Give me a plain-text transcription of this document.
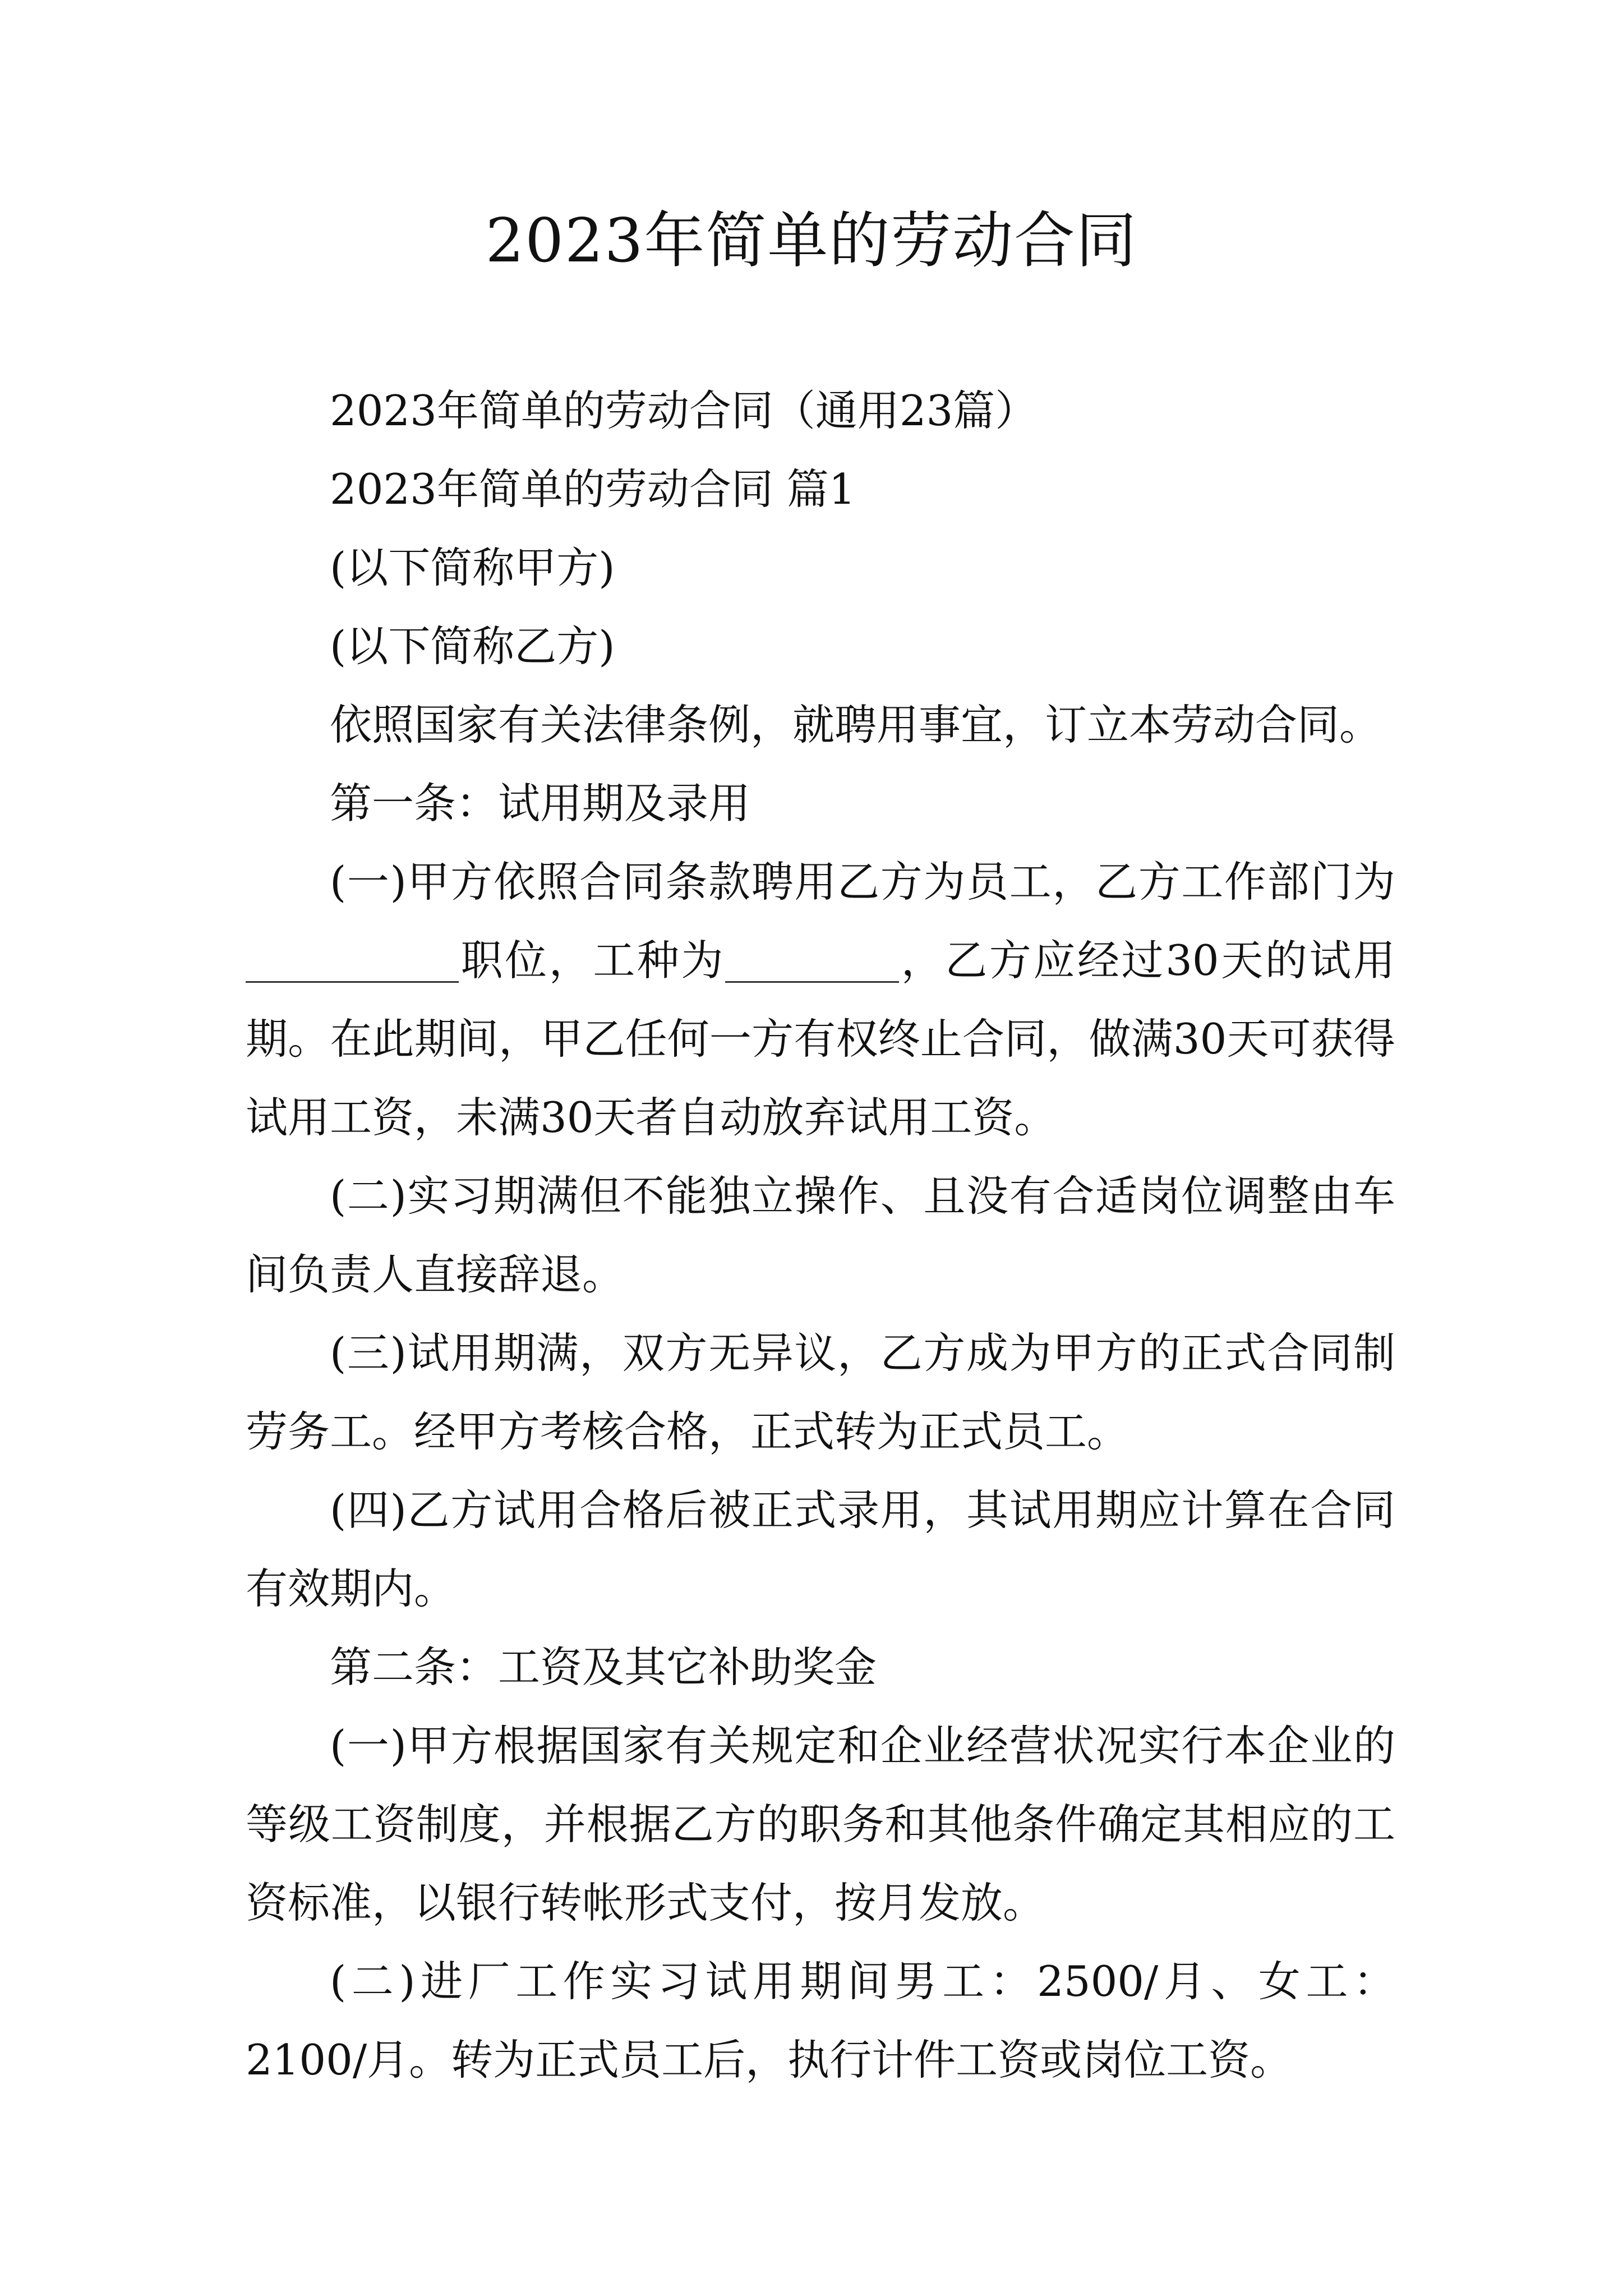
2023年简单的劳动合同

2023年简单的劳动合同（通用23篇）

2023年简单的劳动合同 篇1

(以下简称甲方)

(以下简称乙方)

依照国家有关法律条例，就聘用事宜，订立本劳动合同。

第一条：试用期及录用

(一)甲方依照合同条款聘用乙方为员工，乙方工作部门为职位，工种为	，乙方应经过30天的试用期。在此期间，甲乙任何一方有权终止合同，做满30天可获得试用工资，未满30天者自动放弃试用工资。

(二)实习期满但不能独立操作、且没有合适岗位调整由车间负责人直接辞退。

(三)试用期满，双方无异议，乙方成为甲方的正式合同制劳务工。经甲方考核合格，正式转为正式员工。

(四)乙方试用合格后被正式录用，其试用期应计算在合同有效期内。

第二条：工资及其它补助奖金

(一)甲方根据国家有关规定和企业经营状况实行本企业的等级工资制度，并根据乙方的职务和其他条件确定其相应的工资标准，以银行转帐形式支付，按月发放。

(二)进厂工作实习试用期间男工：2500/月、女工：2100/月。转为正式员工后，执行计件工资或岗位工资。
